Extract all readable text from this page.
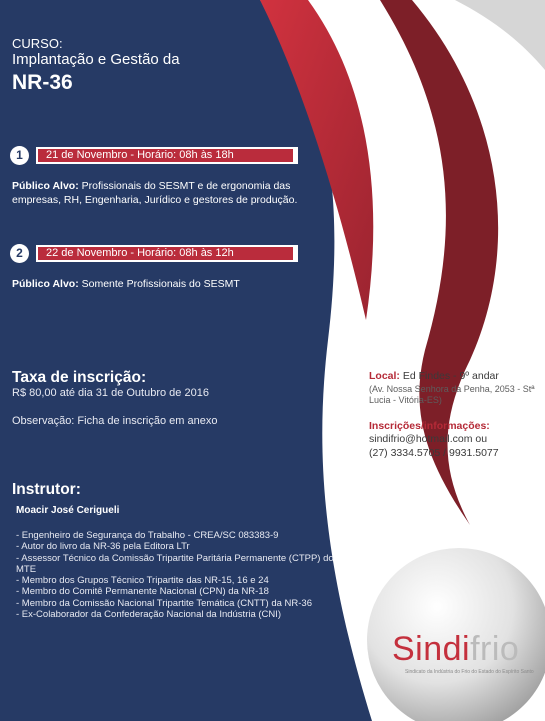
CURSO:
Implantação e Gestão da
NR-36
1	21 de Novembro - Horário: 08h às 18h
Público Alvo: Profissionais do SESMT e de ergonomia das empresas, RH, Engenharia, Jurídico e gestores de produção.
2	22 de Novembro - Horário: 08h às 12h
Público Alvo: Somente Profissionais do SESMT
Taxa de inscrição:
R$ 80,00 até dia 31 de Outubro de 2016
Observação: Ficha de inscrição em anexo
Instrutor:
Moacir José Cerigueli
- Engenheiro de Segurança do Trabalho - CREA/SC 083383-9
- Autor do livro da NR-36 pela Editora LTr
- Assessor Técnico da Comissão Tripartite Paritária Permanente (CTPP) do MTE
- Membro dos Grupos Técnico Tripartite das NR-15, 16 e 24
- Membro do Comitê Permanente Nacional (CPN) da NR-18
- Membro da Comissão Nacional Tripartite Temática (CNTT) da NR-36
- Ex-Colaborador da Confederação Nacional da Indústria (CNI)
Local: Ed Findes - 9º andar
(Av. Nossa Senhora da Penha, 2053 - Stª Lucia - Vitória-ES)
Inscrições/informações:
sindifrio@hotmail.com ou
(27) 3334.5705 / 9931.5077
Sindifrio
Sindicato da Indústria do Frio do Estado do Espírito Santo
